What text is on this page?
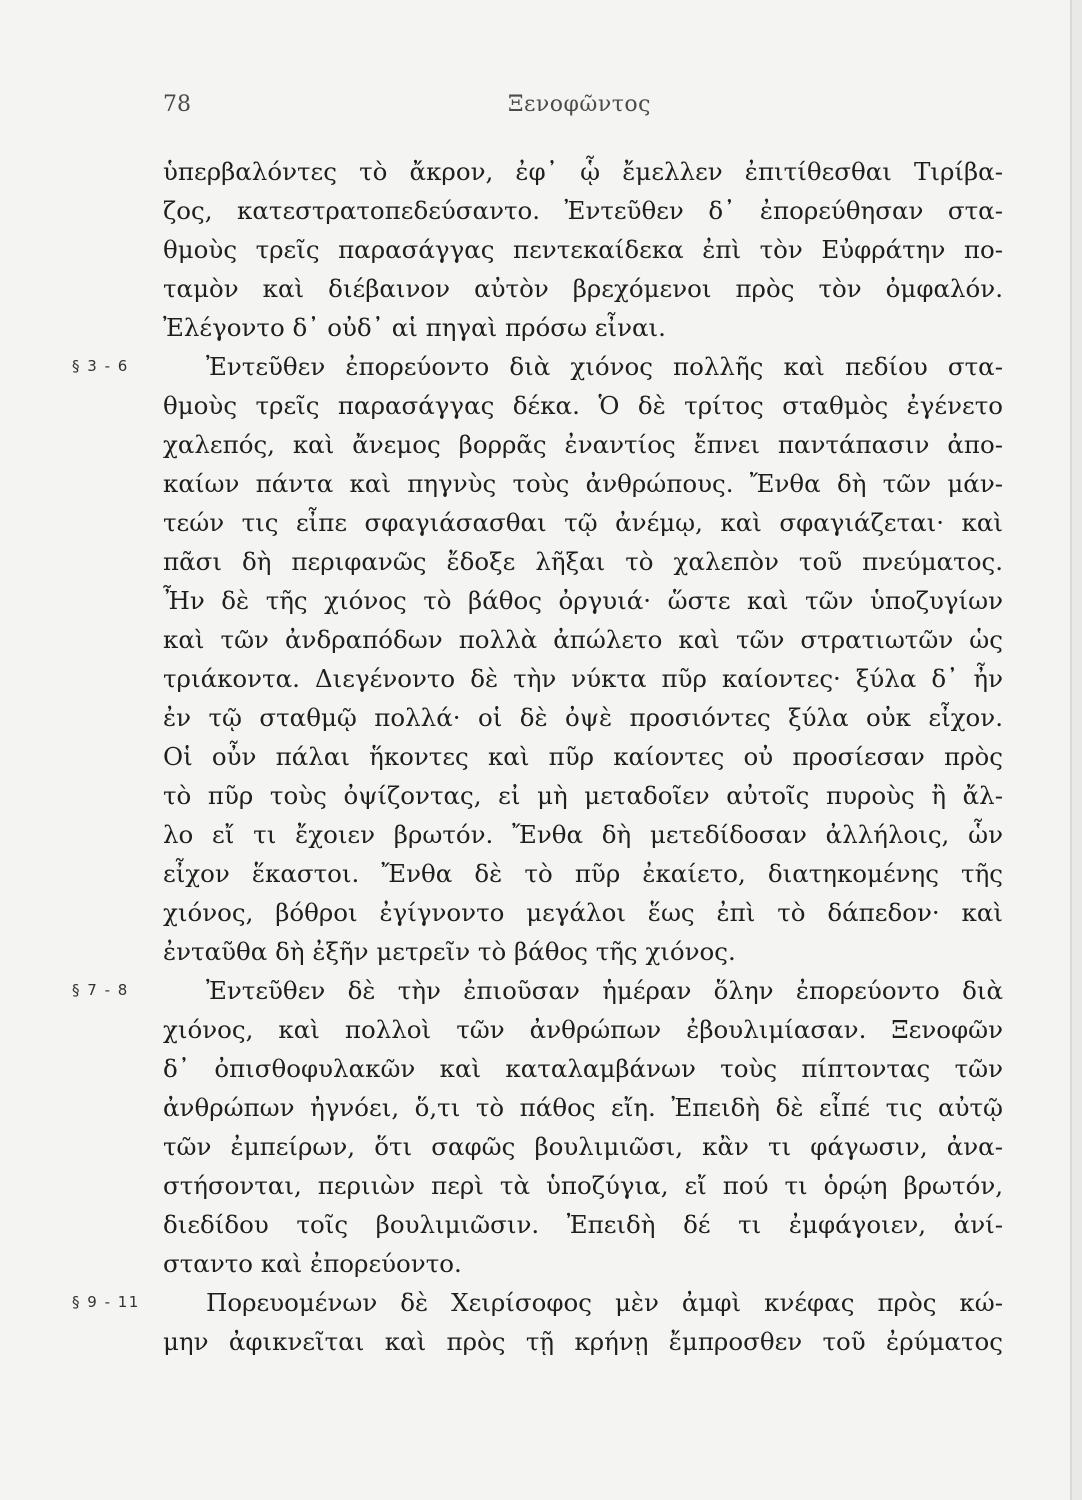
78	Ξενοφῶντος
ὑπερβαλόντες τὸ ἄκρον, ἐφ᾽ ᾧ ἔμελλεν ἐπιτίθεσθαι Τιρίβα-
ζος, κατεστρατοπεδεύσαντο. Ἐντεῦθεν δ᾽ ἐπορεύθησαν στα-
θμοὺς τρεῖς παρασάγγας πεντεκαίδεκα ἐπὶ τὸν Εὐφράτην πο-
ταμὸν καὶ διέβαινον αὐτὸν βρεχόμενοι πρὸς τὸν ὀμφαλόν.
Ἐλέγοντο δ᾽ οὐδ᾽ αἱ πηγαὶ πρόσω εἶναι.
§ 3 - 6	Ἐντεῦθεν ἐπορεύοντο διὰ χιόνος πολλῆς καὶ πεδίου στα-
θμοὺς τρεῖς παρασάγγας δέκα. Ὁ δὲ τρίτος σταθμὸς ἐγένετο
χαλεπός, καὶ ἄνεμος βορρᾶς ἐναντίος ἔπνει παντάπασιν ἀπο-
καίων πάντα καὶ πηγνὺς τοὺς ἀνθρώπους. Ἔνθα δὴ τῶν μάν-
τεών τις εἶπε σφαγιάσασθαι τῷ ἀνέμῳ, καὶ σφαγιάζεται· καὶ
πᾶσι δὴ περιφανῶς ἔδοξε λῆξαι τὸ χαλεπὸν τοῦ πνεύματος.
Ἦν δὲ τῆς χιόνος τὸ βάθος ὀργυιά· ὥστε καὶ τῶν ὑποζυγίων
καὶ τῶν ἀνδραπόδων πολλὰ ἀπώλετο καὶ τῶν στρατιωτῶν ὡς
τριάκοντα. Διεγένοντο δὲ τὴν νύκτα πῦρ καίοντες· ξύλα δ᾽ ἦν
ἐν τῷ σταθμῷ πολλά· οἱ δὲ ὀψὲ προσιόντες ξύλα οὐκ εἶχον.
Οἱ οὖν πάλαι ἥκοντες καὶ πῦρ καίοντες οὐ προσίεσαν πρὸς
τὸ πῦρ τοὺς ὀψίζοντας, εἰ μὴ μεταδοῖεν αὐτοῖς πυροὺς ἢ ἄλ-
λο εἴ τι ἔχοιεν βρωτόν. Ἔνθα δὴ μετεδίδοσαν ἀλλήλοις, ὧν
εἶχον ἕκαστοι. Ἔνθα δὲ τὸ πῦρ ἐκαίετο, διατηκομένης τῆς
χιόνος, βόθροι ἐγίγνοντο μεγάλοι ἕως ἐπὶ τὸ δάπεδον· καὶ
ἐνταῦθα δὴ ἐξῆν μετρεῖν τὸ βάθος τῆς χιόνος.
§ 7 - 8	Ἐντεῦθεν δὲ τὴν ἐπιοῦσαν ἡμέραν ὅλην ἐπορεύοντο διὰ
χιόνος, καὶ πολλοὶ τῶν ἀνθρώπων ἐβουλιμίασαν. Ξενοφῶν
δ᾽ ὀπισθοφυλακῶν καὶ καταλαμβάνων τοὺς πίπτοντας τῶν
ἀνθρώπων ἠγνόει, ὅ,τι τὸ πάθος εἴη. Ἐπειδὴ δὲ εἶπέ τις αὐτῷ
τῶν ἐμπείρων, ὅτι σαφῶς βουλιμιῶσι, κἂν τι φάγωσιν, ἀνα-
στήσονται, περιιὼν περὶ τὰ ὑποζύγια, εἴ πού τι ὁρῴη βρωτόν,
διεδίδου τοῖς βουλιμιῶσιν. Ἐπειδὴ δέ τι ἐμφάγοιεν, ἀνί-
σταντο καὶ ἐπορεύοντο.
§ 9 - 11	Πορευομένων δὲ Χειρίσοφος μὲν ἀμφὶ κνέφας πρὸς κώ-
μην ἀφικνεῖται καὶ πρὸς τῇ κρήνῃ ἔμπροσθεν τοῦ ἐρύματος
